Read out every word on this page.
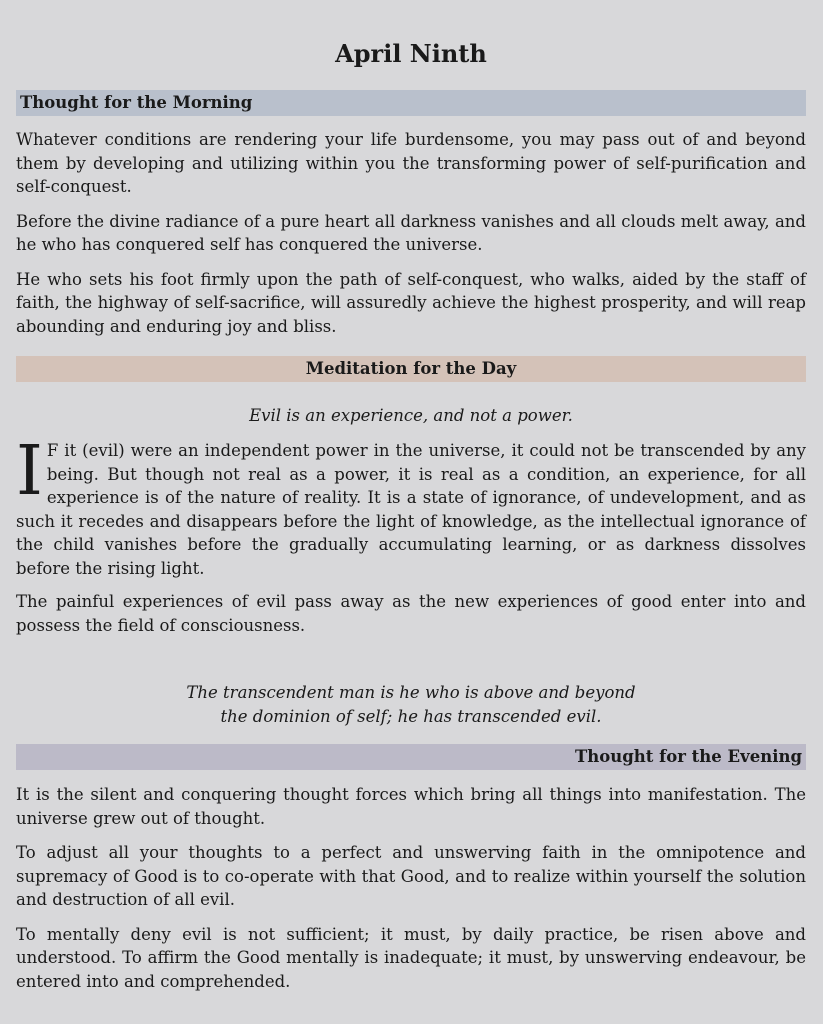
April Ninth
Thought for the Morning

Whatever conditions are rendering your life burdensome, you may pass out of and beyond them by developing and utilizing within you the transforming power of self-purification and self-conquest.

Before the divine radiance of a pure heart all darkness vanishes and all clouds melt away, and he who has conquered self has conquered the universe.

He who sets his foot firmly upon the path of self-conquest, who walks, aided by the staff of faith, the highway of self-sacrifice, will assuredly achieve the highest prosperity, and will reap abounding and enduring joy and bliss.

Meditation for the Day

Evil is an experience, and not a power.

I F it (evil) were an independent power in the universe, it could not be transcended by any being. But though not real as a power, it is real as a condition, an experience, for all experience is of the nature of reality. It is a state of ignorance, of undevelopment, and as such it recedes and disappears before the light of knowledge, as the intellectual ignorance of the child vanishes before the gradually accumulating learning, or as darkness dissolves before the rising light.

The painful experiences of evil pass away as the new experiences of good enter into and possess the field of consciousness.

The transcendent man is he who is above and beyond
the dominion of self; he has transcended evil.
Thought for the Evening

It is the silent and conquering thought forces which bring all things into manifestation. The universe grew out of thought.

To adjust all your thoughts to a perfect and unswerving faith in the omnipotence and supremacy of Good is to co-operate with that Good, and to realize within yourself the solution and destruction of all evil.

To mentally deny evil is not sufficient; it must, by daily practice, be risen above and understood. To affirm the Good mentally is inadequate; it must, by unswerving endeavour, be entered into and comprehended.
